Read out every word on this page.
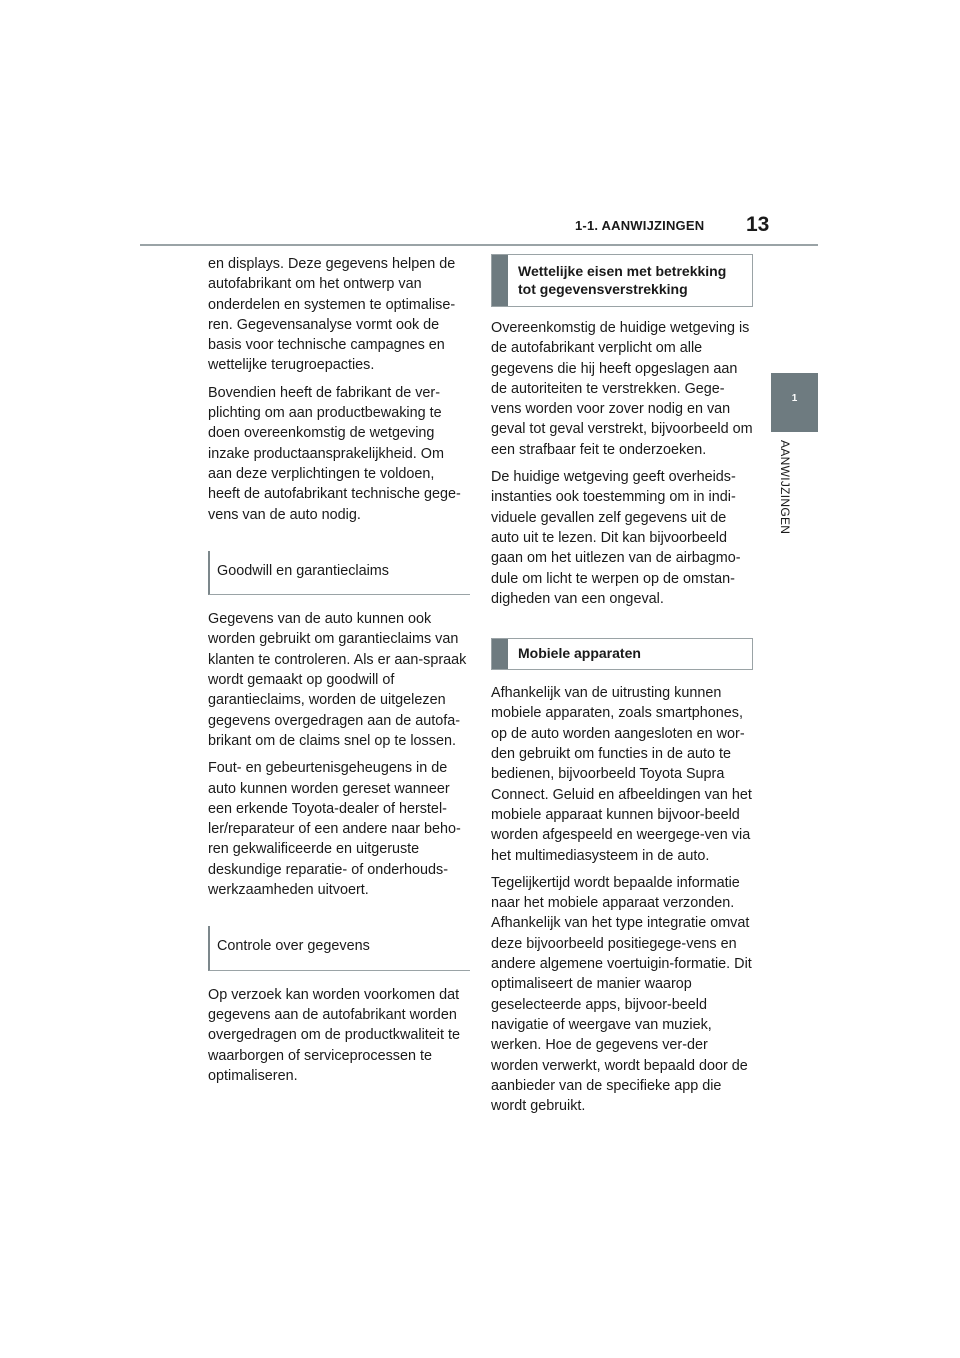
1-1. AANWIJZINGEN 13
1
AANWIJZINGEN

en displays. Deze gegevens helpen de autofabrikant om het ontwerp van onderdelen en systemen te optimalise-ren. Gegevensanalyse vormt ook de basis voor technische campagnes en wettelijke terugroepacties.

Bovendien heeft de fabrikant de ver-plichting om aan productbewaking te doen overeenkomstig de wetgeving inzake productaansprakelijkheid. Om aan deze verplichtingen te voldoen, heeft de autofabrikant technische gege-vens van de auto nodig.

Goodwill en garantieclaims

Gegevens van de auto kunnen ook worden gebruikt om garantieclaims van klanten te controleren. Als er aan-spraak wordt gemaakt op goodwill of garantieclaims, worden de uitgelezen gegevens overgedragen aan de autofa-brikant om de claims snel op te lossen.

Fout- en gebeurtenisgeheugens in de auto kunnen worden gereset wanneer een erkende Toyota-dealer of herstel-ler/reparateur of een andere naar beho-ren gekwalificeerde en uitgeruste deskundige reparatie- of onderhouds-werkzaamheden uitvoert.

Controle over gegevens

Op verzoek kan worden voorkomen dat gegevens aan de autofabrikant worden overgedragen om de productkwaliteit te waarborgen of serviceprocessen te optimaliseren.

Wettelijke eisen met betrekking tot gegevensverstrekking

Overeenkomstig de huidige wetgeving is de autofabrikant verplicht om alle gegevens die hij heeft opgeslagen aan de autoriteiten te verstrekken. Gege-vens worden voor zover nodig en van geval tot geval verstrekt, bijvoorbeeld om een strafbaar feit te onderzoeken.

De huidige wetgeving geeft overheids-instanties ook toestemming om in indi-viduele gevallen zelf gegevens uit de auto uit te lezen. Dit kan bijvoorbeeld gaan om het uitlezen van de airbagmo-dule om licht te werpen op de omstan-digheden van een ongeval.

Mobiele apparaten

Afhankelijk van de uitrusting kunnen mobiele apparaten, zoals smartphones, op de auto worden aangesloten en wor-den gebruikt om functies in de auto te bedienen, bijvoorbeeld Toyota Supra Connect. Geluid en afbeeldingen van het mobiele apparaat kunnen bijvoor-beeld worden afgespeeld en weergege-ven via het multimediasysteem in de auto.

Tegelijkertijd wordt bepaalde informatie naar het mobiele apparaat verzonden. Afhankelijk van het type integratie omvat deze bijvoorbeeld positiegege-vens en andere algemene voertuigin-formatie. Dit optimaliseert de manier waarop geselecteerde apps, bijvoor-beeld navigatie of weergave van muziek, werken. Hoe de gegevens ver-der worden verwerkt, wordt bepaald door de aanbieder van de specifieke app die wordt gebruikt.
